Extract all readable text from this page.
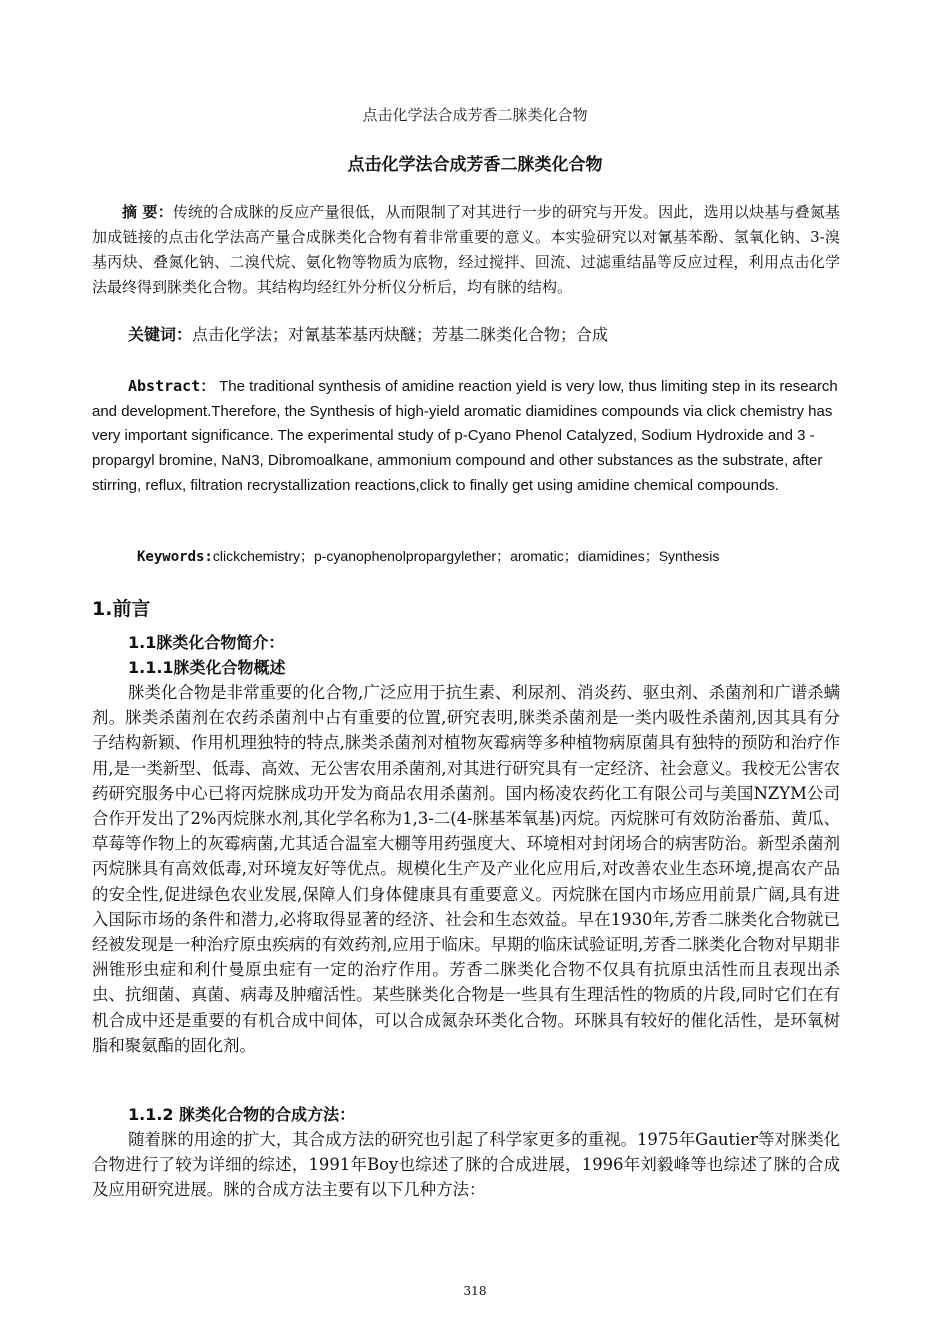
点击化学法合成芳香二脒类化合物
点击化学法合成芳香二脒类化合物
摘 要：传统的合成脒的反应产量很低，从而限制了对其进行一步的研究与开发。因此，选用以炔基与叠氮基加成链接的点击化学法高产量合成脒类化合物有着非常重要的意义。本实验研究以对氰基苯酚、氢氧化钠、3-溴基丙炔、叠氮化钠、二溴代烷、氨化物等物质为底物，经过搅拌、回流、过滤重结晶等反应过程，利用点击化学法最终得到脒类化合物。其结构均经红外分析仪分析后，均有脒的结构。
关键词：点击化学法；对氰基苯基丙炔醚；芳基二脒类化合物；合成
Abstract： The traditional synthesis of amidine reaction yield is very low, thus limiting step in its research and development.Therefore, the Synthesis of high-yield aromatic diamidines compounds via click chemistry has very important significance. The experimental study of p-Cyano Phenol Catalyzed, Sodium Hydroxide and 3 - propargyl bromine, NaN3, Dibromoalkane, ammonium compound and other substances as the substrate, after stirring, reflux, filtration recrystallization reactions,click to finally get using amidine chemical compounds.
Keywords:clickchemistry；p-cyanophenolpropargylether；aromatic；diamidines；Synthesis
1.前言
1.1脒类化合物简介：
1.1.1脒类化合物概述
脒类化合物是非常重要的化合物,广泛应用于抗生素、利尿剂、消炎药、驱虫剂、杀菌剂和广谱杀螨剂。脒类杀菌剂在农药杀菌剂中占有重要的位置,研究表明,脒类杀菌剂是一类内吸性杀菌剂,因其具有分子结构新颖、作用机理独特的特点,脒类杀菌剂对植物灰霉病等多种植物病原菌具有独特的预防和治疗作用,是一类新型、低毒、高效、无公害农用杀菌剂,对其进行研究具有一定经济、社会意义。我校无公害农药研究服务中心已将丙烷脒成功开发为商品农用杀菌剂。国内杨凌农药化工有限公司与美国NZYM公司合作开发出了2%丙烷脒水剂,其化学名称为1,3-二(4-脒基苯氧基)丙烷。丙烷脒可有效防治番茄、黄瓜、草莓等作物上的灰霉病菌,尤其适合温室大棚等用药强度大、环境相对封闭场合的病害防治。新型杀菌剂丙烷脒具有高效低毒,对环境友好等优点。规模化生产及产业化应用后,对改善农业生态环境,提高农产品的安全性,促进绿色农业发展,保障人们身体健康具有重要意义。丙烷脒在国内市场应用前景广阔,具有进入国际市场的条件和潜力,必将取得显著的经济、社会和生态效益。早在1930年,芳香二脒类化合物就已经被发现是一种治疗原虫疾病的有效药剂,应用于临床。早期的临床试验证明,芳香二脒类化合物对早期非洲锥形虫症和利什曼原虫症有一定的治疗作用。芳香二脒类化合物不仅具有抗原虫活性而且表现出杀虫、抗细菌、真菌、病毒及肿瘤活性。某些脒类化合物是一些具有生理活性的物质的片段,同时它们在有机合成中还是重要的有机合成中间体，可以合成氮杂环类化合物。环脒具有较好的催化活性，是环氧树脂和聚氨酯的固化剂。
1.1.2 脒类化合物的合成方法：
随着脒的用途的扩大，其合成方法的研究也引起了科学家更多的重视。1975年Gautier等对脒类化合物进行了较为详细的综述，1991年Boy也综述了脒的合成进展，1996年刘毅峰等也综述了脒的合成及应用研究进展。脒的合成方法主要有以下几种方法：
318
